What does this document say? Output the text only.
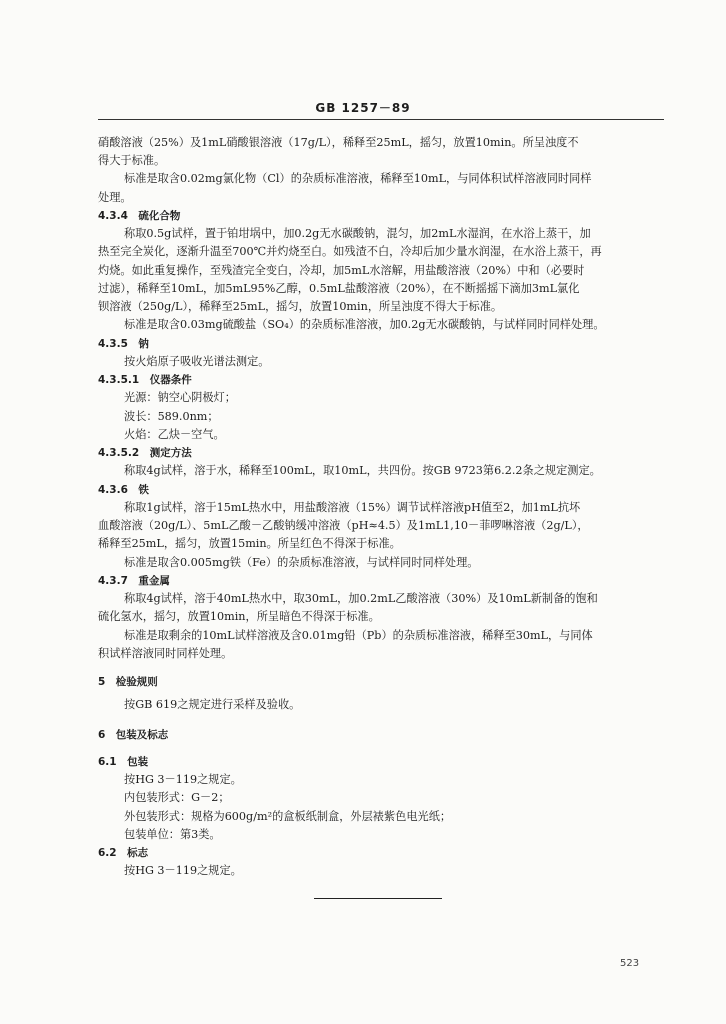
GB 1257－89
硝酸溶液（25%）及1mL硝酸银溶液（17g/L），稀释至25mL，摇匀，放置10min。所呈浊度不
得大于标准。
标准是取含0.02mg氯化物（Cl）的杂质标准溶液，稀释至10mL，与同体积试样溶液同时同样
处理。
4.3.4　硫化合物
称取0.5g试样，置于铂坩埚中，加0.2g无水碳酸钠，混匀，加2mL水湿润，在水浴上蒸干，加
热至完全炭化，逐渐升温至700℃并灼烧至白。如残渣不白，冷却后加少量水润湿，在水浴上蒸干，再
灼烧。如此重复操作，至残渣完全变白，冷却，加5mL水溶解，用盐酸溶液（20%）中和（必要时
过滤），稀释至10mL，加5mL95%乙醇，0.5mL盐酸溶液（20%），在不断摇摇下滴加3mL氯化
钡溶液（250g/L），稀释至25mL，摇匀，放置10min，所呈浊度不得大于标准。
标准是取含0.03mg硫酸盐（SO₄）的杂质标准溶液，加0.2g无水碳酸钠，与试样同时同样处理。
4.3.5　钠
按火焰原子吸收光谱法测定。
4.3.5.1　仪器条件
光源：钠空心阴极灯；
波长：589.0nm；
火焰：乙炔－空气。
4.3.5.2　测定方法
称取4g试样，溶于水，稀释至100mL，取10mL，共四份。按GB 9723第6.2.2条之规定测定。
4.3.6　铁
称取1g试样，溶于15mL热水中，用盐酸溶液（15%）调节试样溶液pH值至2，加1mL抗坏
血酸溶液（20g/L）、5mL乙酸－乙酸钠缓冲溶液（pH≈4.5）及1mL1,10－菲啰啉溶液（2g/L），
稀释至25mL，摇匀，放置15min。所呈红色不得深于标准。
标准是取含0.005mg铁（Fe）的杂质标准溶液，与试样同时同样处理。
4.3.7　重金属
称取4g试样，溶于40mL热水中，取30mL，加0.2mL乙酸溶液（30%）及10mL新制备的饱和
硫化氢水，摇匀，放置10min，所呈暗色不得深于标准。
标准是取剩余的10mL试样溶液及含0.01mg铅（Pb）的杂质标准溶液，稀释至30mL，与同体
积试样溶液同时同样处理。
5　检验规则
按GB 619之规定进行采样及验收。
6　包装及标志
6.1　包装
按HG 3－119之规定。
内包装形式：G－2；
外包装形式：规格为600g/m²的盒板纸制盒，外层裱紫色电光纸；
包装单位：第3类。
6.2　标志
按HG 3－119之规定。
523
